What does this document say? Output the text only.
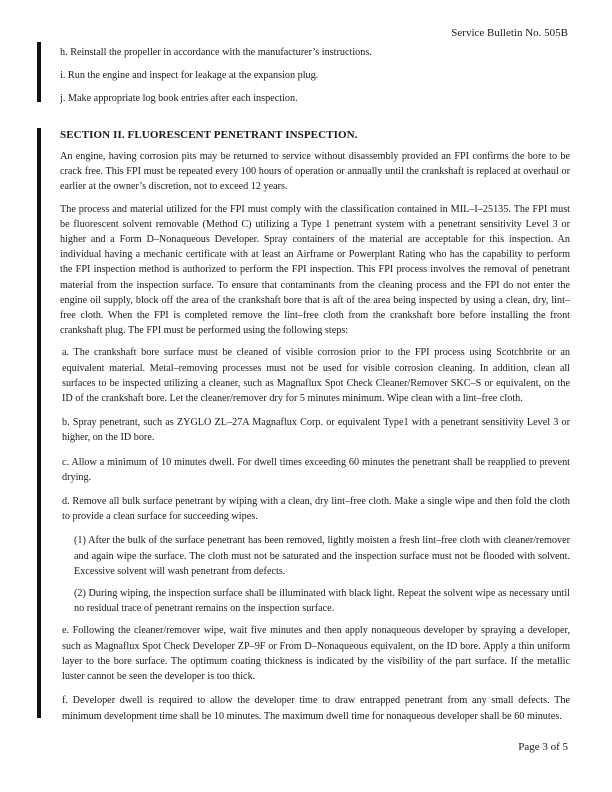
Service Bulletin No. 505B

h. Reinstall the propeller in accordance with the manufacturer’s instructions.

i. Run the engine and inspect for leakage at the expansion plug.

j. Make appropriate log book entries after each inspection.

SECTION II. FLUORESCENT PENETRANT INSPECTION.

An engine, having corrosion pits may be returned to service without disassembly provided an FPI confirms the bore to be crack free. This FPI must be repeated every 100 hours of operation or annually until the crankshaft is replaced at overhaul or earlier at the owner’s discretion, not to exceed 12 years.

The process and material utilized for the FPI must comply with the classification contained in MIL–I–25135. The FPI must be fluorescent solvent removable (Method C) utilizing a Type 1 penetrant system with a penetrant sensitivity Level 3 or higher and a Form D–Nonaqueous Developer. Spray containers of the material are acceptable for this inspection. An individual having a mechanic certificate with at least an Airframe or Powerplant Rating who has the capability to perform the FPI inspection method is authorized to perform the FPI inspection. This FPI process involves the removal of penetrant material from the inspection surface. To ensure that contaminants from the cleaning process and the FPI do not enter the engine oil supply, block off the area of the crankshaft bore that is aft of the area being inspected by using a clean, dry, lint–free cloth. When the FPI is completed remove the lint–free cloth from the crankshaft bore before installing the front crankshaft plug. The FPI must be performed using the following steps:

a. The crankshaft bore surface must be cleaned of visible corrosion prior to the FPI process using Scotchbrite or an equivalent material. Metal–removing processes must not be used for visible corrosion cleaning. In addition, clean all surfaces to be inspected utilizing a cleaner, such as Magnaflux Spot Check Cleaner/Remover SKC–S or equivalent, on the ID of the crankshaft bore. Let the cleaner/remover dry for 5 minutes minimum. Wipe clean with a lint–free cloth.

b. Spray penetrant, such as ZYGLO ZL–27A Magnaflux Corp. or equivalent Type1 with a penetrant sensitivity Level 3 or higher, on the ID bore.

c. Allow a minimum of 10 minutes dwell. For dwell times exceeding 60 minutes the penetrant shall be reapplied to prevent drying.

d. Remove all bulk surface penetrant by wiping with a clean, dry lint–free cloth. Make a single wipe and then fold the cloth to provide a clean surface for succeeding wipes.

(1) After the bulk of the surface penetrant has been removed, lightly moisten a fresh lint–free cloth with cleaner/remover and again wipe the surface. The cloth must not be saturated and the inspection surface must not be flooded with solvent. Excessive solvent will wash penetrant from defects.

(2) During wiping, the inspection surface shall be illuminated with black light. Repeat the solvent wipe as necessary until no residual trace of penetrant remains on the inspection surface.

e. Following the cleaner/remover wipe, wait five minutes and then apply nonaqueous developer by spraying a developer, such as Magnaflux Spot Check Developer ZP–9F or From D–Nonaqueous equivalent, on the ID bore. Apply a thin uniform layer to the bore surface. The optimum coating thickness is indicated by the visibility of the part surface. If the metallic luster cannot be seen the developer is too thick.

f. Developer dwell is required to allow the developer time to draw entrapped penetrant from any small defects. The minimum development time shall be 10 minutes. The maximum dwell time for nonaqueous developer shall be 60 minutes.

Page 3 of 5
